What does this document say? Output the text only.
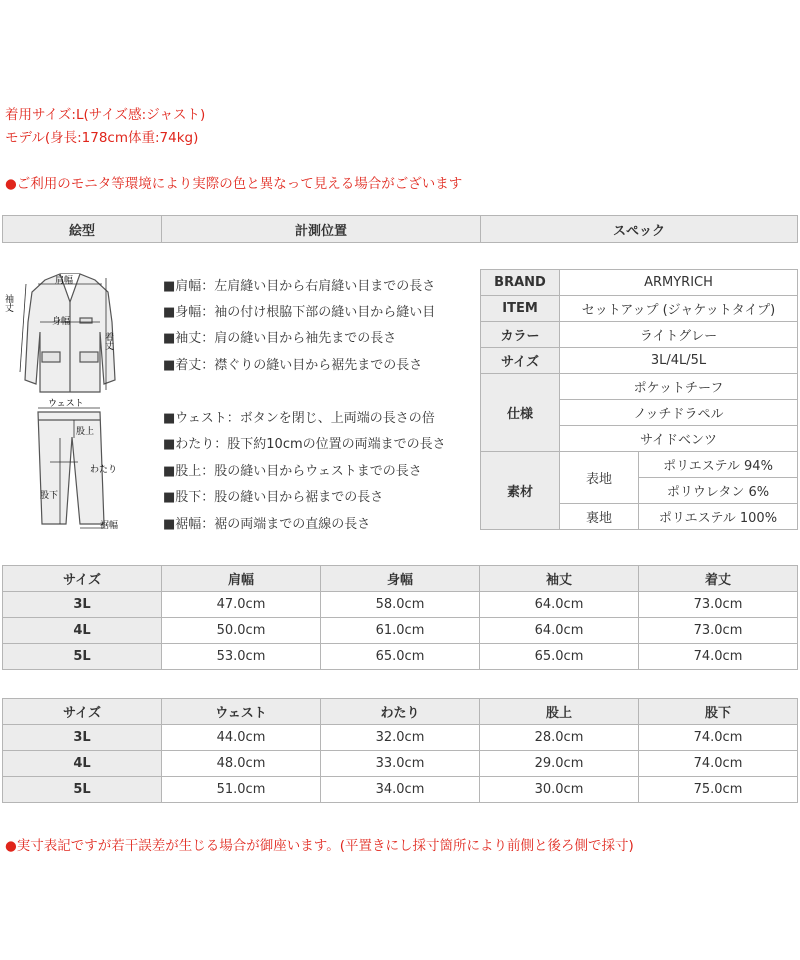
着用サイズ:L(サイズ感:ジャスト)
モデル(身長:178cm体重:74kg)
●ご利用のモニタ等環境により実際の色と異なって見える場合がございます
絵型	計測位置	スペック
肩幅
身幅
着丈
袖丈
ウェスト
股上
わたり
股下
裾幅
■肩幅：左肩縫い目から右肩縫い目までの長さ
■身幅：袖の付け根脇下部の縫い目から縫い目
■袖丈：肩の縫い目から袖先までの長さ
■着丈：襟ぐりの縫い目から裾先までの長さ
■ウェスト：ボタンを閉じ、上両端の長さの倍
■わたり：股下約10cmの位置の両端までの長さ
■股上：股の縫い目からウェストまでの長さ
■股下：股の縫い目から裾までの長さ
■裾幅：裾の両端までの直線の長さ
BRAND	ARMYRICH	
ITEM	セットアップ (ジャケットタイプ)	
カラー	ライトグレー	
サイズ	3L/4L/5L	
仕様	ポケットチーフ	
	ノッチドラペル	
	サイドベンツ	
素材	表地	ポリエステル 94%
		ポリウレタン 6%
	裏地	ポリエステル 100%
サイズ	肩幅	身幅	袖丈	着丈
3L	47.0cm	58.0cm	64.0cm	73.0cm
4L	50.0cm	61.0cm	64.0cm	73.0cm
5L	53.0cm	65.0cm	65.0cm	74.0cm
サイズ	ウェスト	わたり	股上	股下
3L	44.0cm	32.0cm	28.0cm	74.0cm
4L	48.0cm	33.0cm	29.0cm	74.0cm
5L	51.0cm	34.0cm	30.0cm	75.0cm
●実寸表記ですが若干誤差が生じる場合が御座います。(平置きにし採寸箇所により前側と後ろ側で採寸)
